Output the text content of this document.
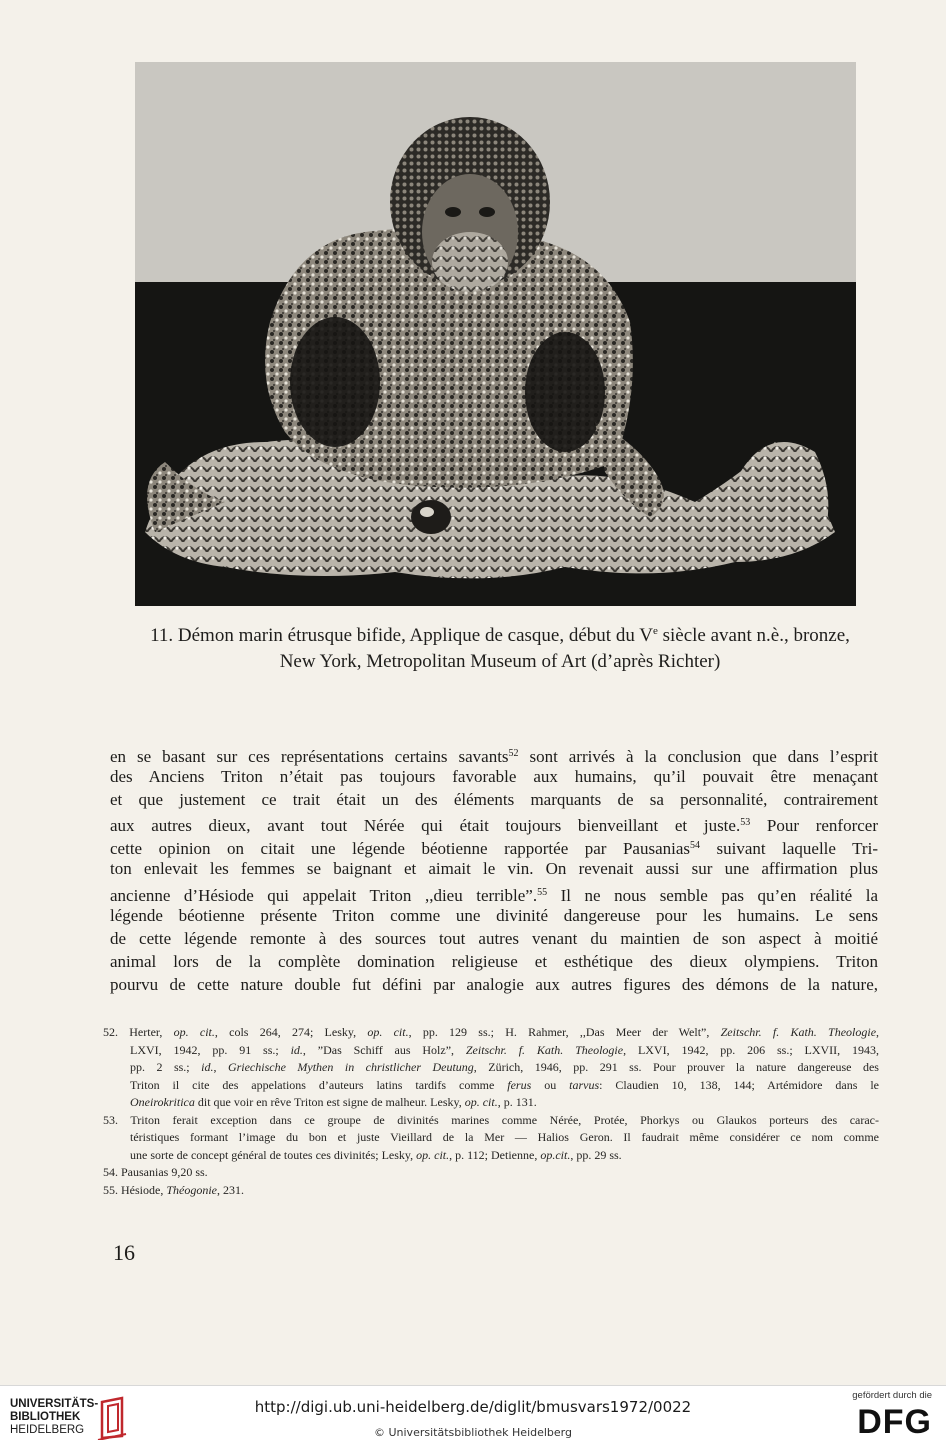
11. Démon marin étrusque bifide, Applique de casque, début du Ve siècle avant n.è., bronze,
New York, Metropolitan Museum of Art (d’après Richter)
en se basant sur ces représentations certains savants$^{52}$ sont arrivés à la conclusion que dans l’esprit
des Anciens Triton n’était pas toujours favorable aux humains, qu’il pouvait être menaçant
et que justement ce trait était un des éléments marquants de sa personnalité, contrairement
aux autres dieux, avant tout Nérée qui était toujours bienveillant et juste.$^{53}$ Pour renforcer
cette opinion on citait une légende béotienne rapportée par Pausanias$^{54}$ suivant laquelle Tri-
ton enlevait les femmes se baignant et aimait le vin. On revenait aussi sur une affirmation plus
ancienne d’Hésiode qui appelait Triton ,,dieu terrible”.$^{55}$ Il ne nous semble pas qu’en réalité la
légende béotienne présente Triton comme une divinité dangereuse pour les humains. Le sens
de cette légende remonte à des sources tout autres venant du maintien de son aspect à moitié
animal lors de la complète domination religieuse et esthétique des dieux olympiens. Triton
pourvu de cette nature double fut défini par analogie aux autres figures des démons de la nature,
52. Herter, op. cit., cols 264, 274; Lesky, op. cit., pp. 129 ss.; H. Rahmer, ,,Das Meer der Welt”, Zeitschr. f. Kath. Theologie,
LXVI, 1942, pp. 91 ss.; id., ”Das Schiff aus Holz”, Zeitschr. f. Kath. Theologie, LXVI, 1942, pp. 206 ss.; LXVII, 1943,
pp. 2 ss.; id., Griechische Mythen in christlicher Deutung, Zürich, 1946, pp. 291 ss. Pour prouver la nature dangereuse des
Triton il cite des appelations d’auteurs latins tardifs comme ferus ou tarvus: Claudien 10, 138, 144; Artémidore dans le
Oneirokritica dit que voir en rêve Triton est signe de malheur. Lesky, op. cit., p. 131.
53. Triton ferait exception dans ce groupe de divinités marines comme Nérée, Protée, Phorkys ou Glaukos porteurs des carac-
téristiques formant l’image du bon et juste Vieillard de la Mer — Halios Geron. Il faudrait même considérer ce nom comme
une sorte de concept général de toutes ces divinités; Lesky, op. cit., p. 112; Detienne, op.cit., pp. 29 ss.
54. Pausanias 9,20 ss.
55. Hésiode, Théogonie, 231.
16
UNIVERSITÄTS-
BIBLIOTHEK
HEIDELBERG
http://digi.ub.uni-heidelberg.de/diglit/bmusvars1972/0022
© Universitätsbibliothek Heidelberg
gefördert durch die
DFG
